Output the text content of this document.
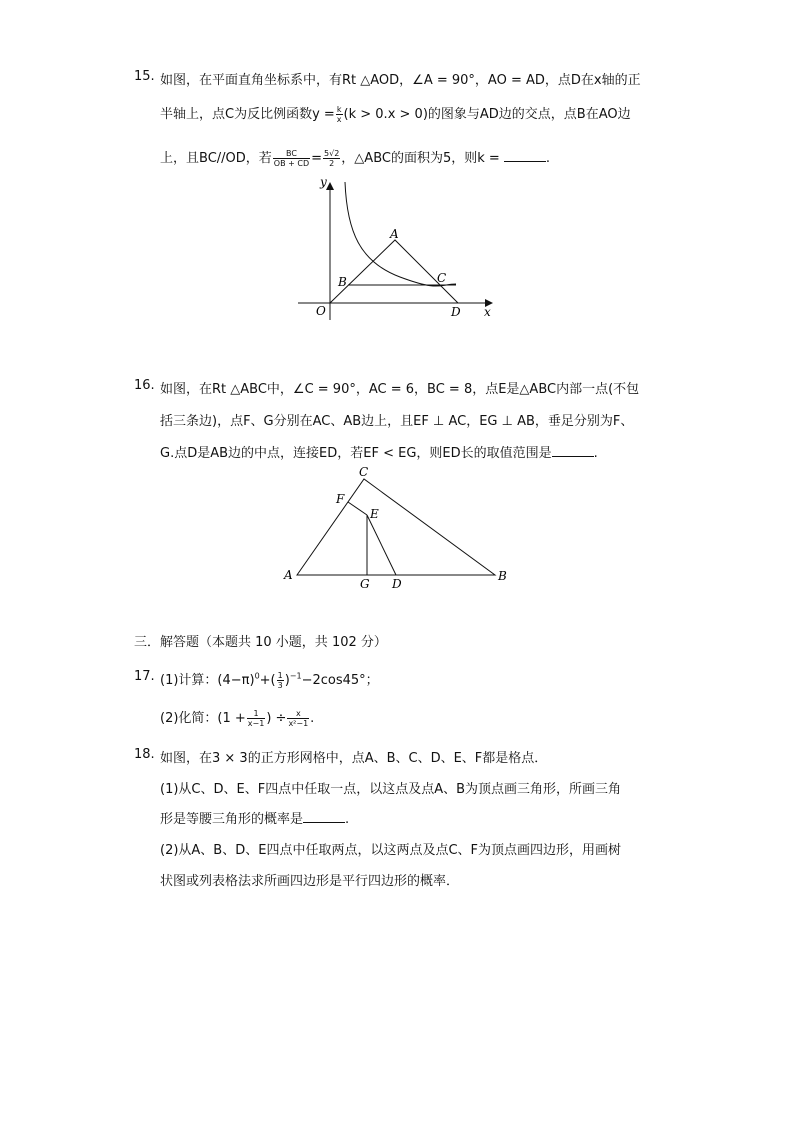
15. 如图，在平面直角坐标系中，有Rt △AOD，∠A = 90°，AO = AD，点D在x轴的正
半轴上，点C为反比例函数$y = \frac{k}{x} (k > 0.x > 0)$的图象与AD边的交点，点B在AO边
上，且BC//OD，若 $\frac{BC}{OB + CD} = \frac{5√2}{2}$ ，△ABC的面积为5，则k =	.
y
A
B	C
O	D x
16. 如图，在Rt △ABC中，∠C = 90°，AC = 6，BC = 8，点E是△ABC内部一点(不包
括三条边)，点F、G分别在AC、AB边上，且EF ⊥ AC，EG ⊥ AB，垂足分别为F、
G.点D是AB边的中点，连接ED，若EF < EG，则ED长的取值范围是	.
C
F
E
A
G D
B
三．解答题（本题共 10 小题，共 102 分）
17. (1)计算：$(4-\pi)^0+( \frac{1}{3} )^{-1}-2\cos 45^\circ$；
(2)化简：($1 + \frac{1}{x-1}$ ) ÷ $\frac{x}{\text{x²−1}}$ .
18. 如图，在3 × 3的正方形网格中，点A、B、C、D、E、F都是格点．
(1)从C、D、E、F四点中任取一点，以这点及点A、B为顶点画三角形，所画三角
形是等腰三角形的概率是	.
(2)从A、B、D、E四点中任取两点，以这两点及点C、F为顶点画四边形，用画树
状图或列表格法求所画四边形是平行四边形的概率．
